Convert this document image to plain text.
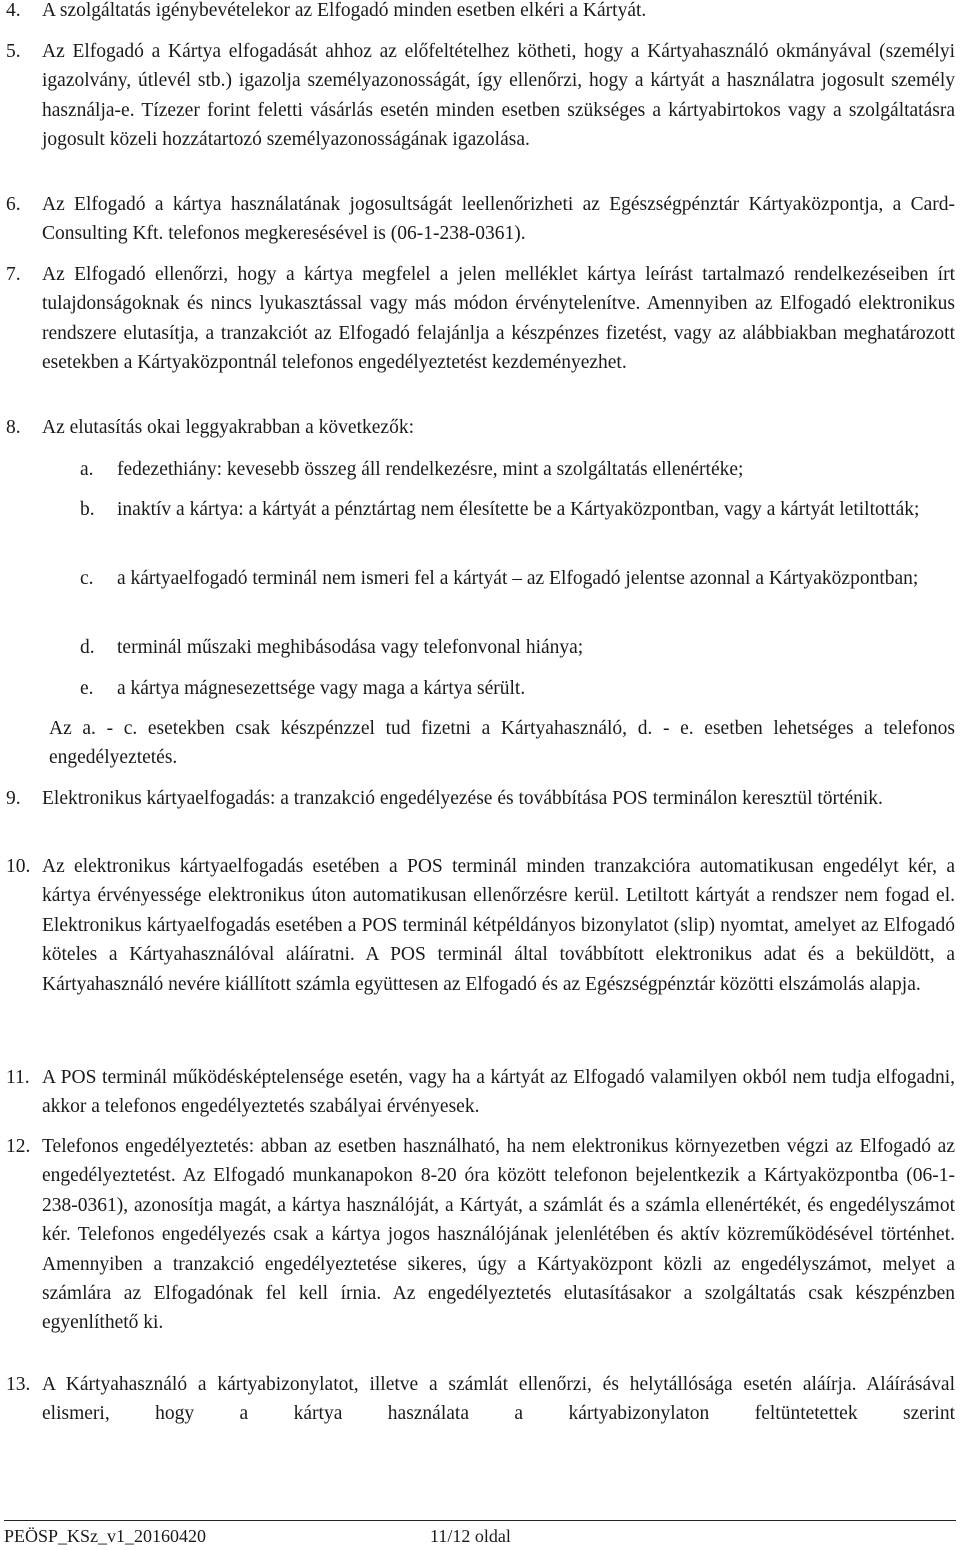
4. A szolgáltatás igénybevételekor az Elfogadó minden esetben elkéri a Kártyát.
5. Az Elfogadó a Kártya elfogadását ahhoz az előfeltételhez kötheti, hogy a Kártyahasználó okmányával (személyi igazolvány, útlevél stb.) igazolja személyazonosságát, így ellenőrzi, hogy a kártyát a használatra jogosult személy használja-e. Tízezer forint feletti vásárlás esetén minden esetben szükséges a kártyabirtokos vagy a szolgáltatásra jogosult közeli hozzátartozó személyazonosságának igazolása.
6. Az Elfogadó a kártya használatának jogosultságát leellenőrizheti az Egészségpénztár Kártyaközpontja, a Card-Consulting Kft. telefonos megkeresésével is (06-1-238-0361).
7. Az Elfogadó ellenőrzi, hogy a kártya megfelel a jelen melléklet kártya leírást tartalmazó rendelkezéseiben írt tulajdonságoknak és nincs lyukasztással vagy más módon érvénytelenítve. Amennyiben az Elfogadó elektronikus rendszere elutasítja, a tranzakciót az Elfogadó felajánlja a készpénzes fizetést, vagy az alábbiakban meghatározott esetekben a Kártyaközpontnál telefonos engedélyeztetést kezdeményezhet.
8. Az elutasítás okai leggyakrabban a következők:
a. fedezethiány: kevesebb összeg áll rendelkezésre, mint a szolgáltatás ellenértéke;
b. inaktív a kártya: a kártyát a pénztártag nem élesítette be a Kártyaközpontban, vagy a kártyát letiltották;
c. a kártyaelfogadó terminál nem ismeri fel a kártyát – az Elfogadó jelentse azonnal a Kártyaközpontban;
d. terminál műszaki meghibásodása vagy telefonvonal hiánya;
e. a kártya mágnesezettsége vagy maga a kártya sérült.
Az a. - c. esetekben csak készpénzzel tud fizetni a Kártyahasználó, d. - e. esetben lehetséges a telefonos engedélyeztetés.
9. Elektronikus kártyaelfogadás: a tranzakció engedélyezése és továbbítása POS terminálon keresztül történik.
10. Az elektronikus kártyaelfogadás esetében a POS terminál minden tranzakcióra automatikusan engedélyt kér, a kártya érvényessége elektronikus úton automatikusan ellenőrzésre kerül. Letiltott kártyát a rendszer nem fogad el. Elektronikus kártyaelfogadás esetében a POS terminál kétpéldányos bizonylatot (slip) nyomtat, amelyet az Elfogadó köteles a Kártyahasználóval aláíratni. A POS terminál által továbbított elektronikus adat és a beküldött, a Kártyahasználó nevére kiállított számla együttesen az Elfogadó és az Egészségpénztár közötti elszámolás alapja.
11. A POS terminál működésképtelensége esetén, vagy ha a kártyát az Elfogadó valamilyen okból nem tudja elfogadni, akkor a telefonos engedélyeztetés szabályai érvényesek.
12. Telefonos engedélyeztetés: abban az esetben használható, ha nem elektronikus környezetben végzi az Elfogadó az engedélyeztetést. Az Elfogadó munkanapokon 8-20 óra között telefonon bejelentkezik a Kártyaközpontba (06-1-238-0361), azonosítja magát, a kártya használóját, a Kártyát, a számlát és a számla ellenértékét, és engedélyszámot kér. Telefonos engedélyezés csak a kártya jogos használójának jelenlétében és aktív közreműködésével történhet. Amennyiben a tranzakció engedélyeztetése sikeres, úgy a Kártyaközpont közli az engedélyszámot, melyet a számlára az Elfogadónak fel kell írnia. Az engedélyeztetés elutasításakor a szolgáltatás csak készpénzben egyenlíthető ki.
13. A Kártyahasználó a kártyabizonylatot, illetve a számlát ellenőrzi, és helytállósága esetén aláírja. Aláírásával elismeri, hogy a kártya használata a kártyabizonylaton feltüntetettek szerint
PEÖSP_KSz_v1_20160420	11/12 oldal
